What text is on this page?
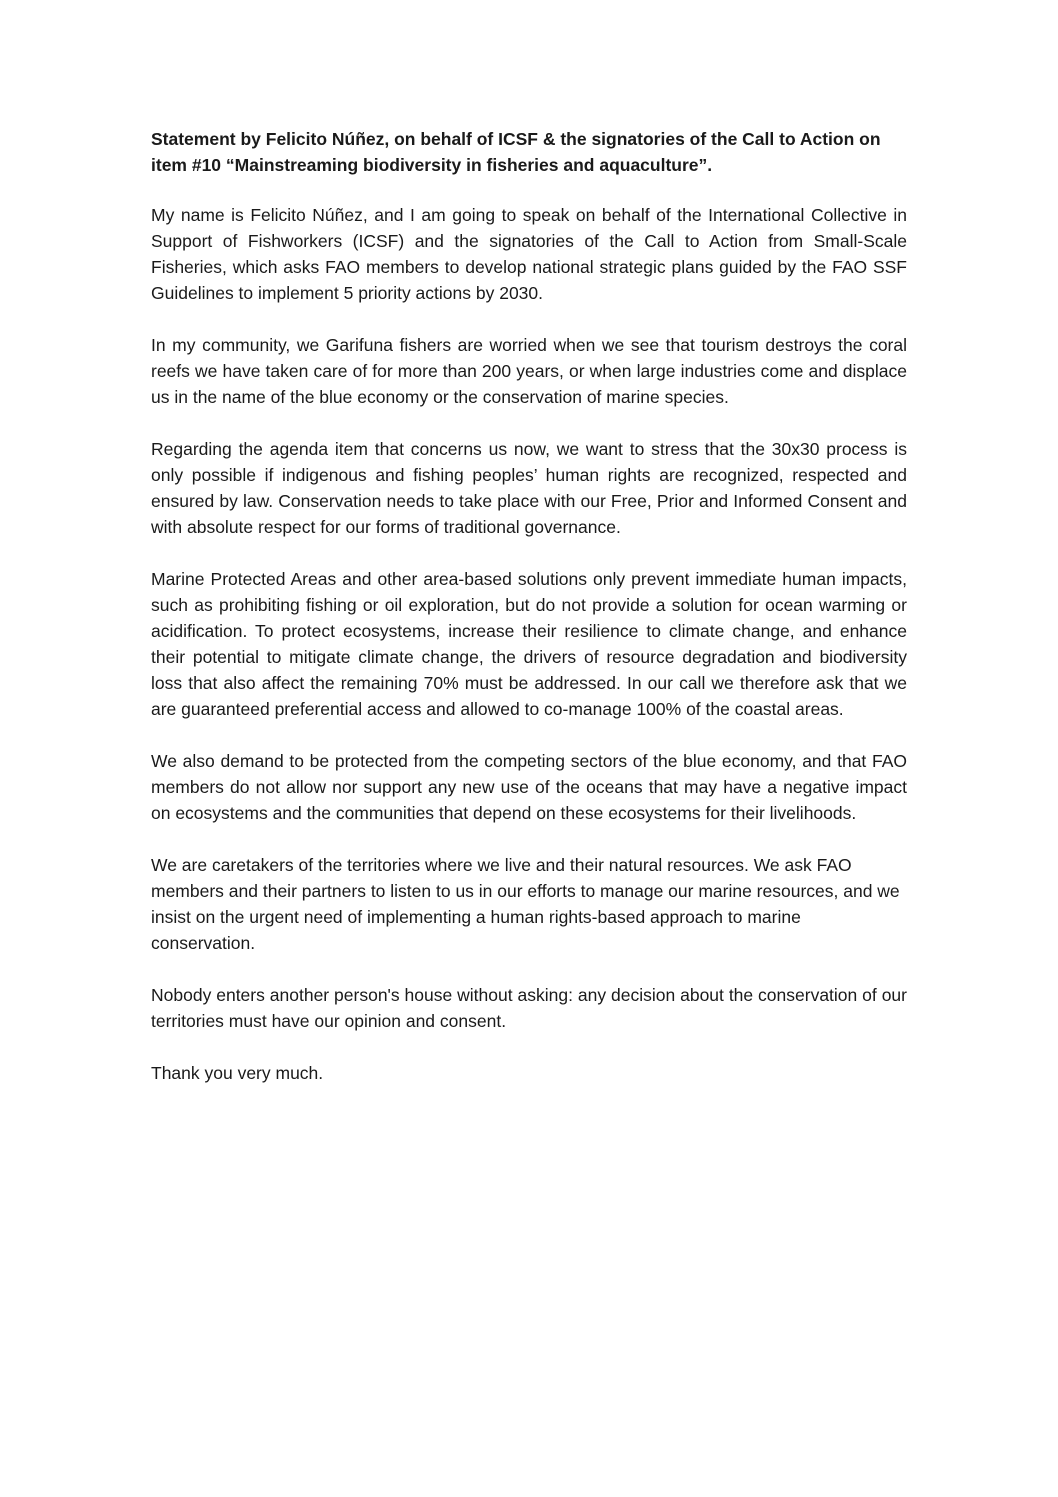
Statement by Felicito Núñez, on behalf of ICSF & the signatories of the Call to Action on item #10 “Mainstreaming biodiversity in fisheries and aquaculture”.

My name is Felicito Núñez, and I am going to speak on behalf of the International Collective in Support of Fishworkers (ICSF) and the signatories of the Call to Action from Small-Scale Fisheries, which asks FAO members to develop national strategic plans guided by the FAO SSF Guidelines to implement 5 priority actions by 2030.

In my community, we Garifuna fishers are worried when we see that tourism destroys the coral reefs we have taken care of for more than 200 years, or when large industries come and displace us in the name of the blue economy or the conservation of marine species.

Regarding the agenda item that concerns us now, we want to stress that the 30x30 process is only possible if indigenous and fishing peoples’ human rights are recognized, respected and ensured by law. Conservation needs to take place with our Free, Prior and Informed Consent and with absolute respect for our forms of traditional governance.

Marine Protected Areas and other area-based solutions only prevent immediate human impacts, such as prohibiting fishing or oil exploration, but do not provide a solution for ocean warming or acidification. To protect ecosystems, increase their resilience to climate change, and enhance their potential to mitigate climate change, the drivers of resource degradation and biodiversity loss that also affect the remaining 70% must be addressed. In our call we therefore ask that we are guaranteed preferential access and allowed to co-manage 100% of the coastal areas.

We also demand to be protected from the competing sectors of the blue economy, and that FAO members do not allow nor support any new use of the oceans that may have a negative impact on ecosystems and the communities that depend on these ecosystems for their livelihoods.

We are caretakers of the territories where we live and their natural resources. We ask FAO members and their partners to listen to us in our efforts to manage our marine resources, and we insist on the urgent need of implementing a human rights-based approach to marine conservation.

Nobody enters another person's house without asking: any decision about the conservation of our territories must have our opinion and consent.

Thank you very much.
